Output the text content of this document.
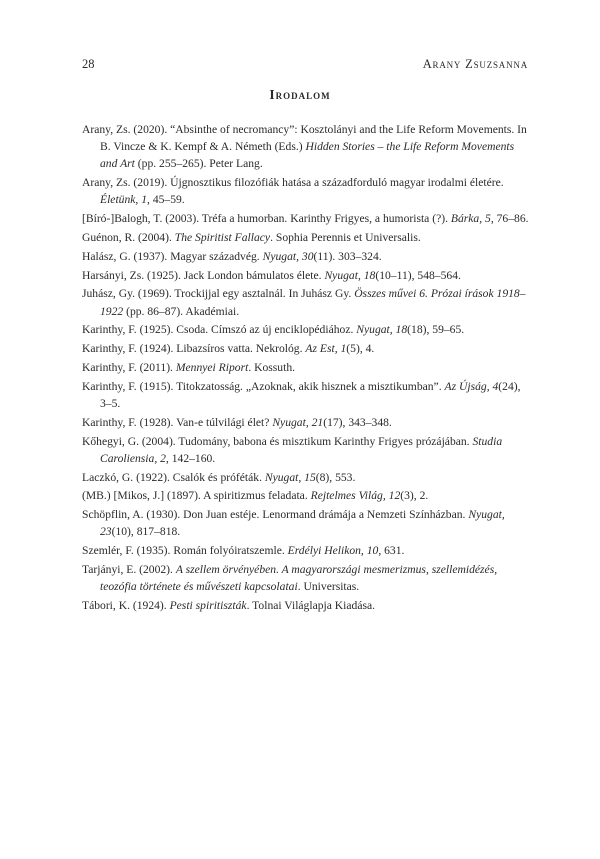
28	Arany Zsuzsanna
Irodalom
Arany, Zs. (2020). “Absinthe of necromancy”: Kosztolányi and the Life Reform Movements. In B. Vincze & K. Kempf & A. Németh (Eds.) Hidden Stories – the Life Reform Movements and Art (pp. 255–265). Peter Lang.
Arany, Zs. (2019). Újgnosztikus filozófiák hatása a századforduló magyar irodalmi életére. Életünk, 1, 45–59.
[Bíró-]Balogh, T. (2003). Tréfa a humorban. Karinthy Frigyes, a humorista (?). Bárka, 5, 76–86.
Guénon, R. (2004). The Spiritist Fallacy. Sophia Perennis et Universalis.
Halász, G. (1937). Magyar századvég. Nyugat, 30(11). 303–324.
Harsányi, Zs. (1925). Jack London bámulatos élete. Nyugat, 18(10–11), 548–564.
Juhász, Gy. (1969). Trockijjal egy asztalnál. In Juhász Gy. Összes művei 6. Prózai írások 1918–1922 (pp. 86–87). Akadémiai.
Karinthy, F. (1925). Csoda. Címszó az új enciklopédiához. Nyugat, 18(18), 59–65.
Karinthy, F. (1924). Libazsíros vatta. Nekrológ. Az Est, 1(5), 4.
Karinthy, F. (2011). Mennyei Riport. Kossuth.
Karinthy, F. (1915). Titokzatosság. „Azoknak, akik hisznek a misztikumban”. Az Újság, 4(24), 3–5.
Karinthy, F. (1928). Van-e túlvilági élet? Nyugat, 21(17), 343–348.
Kőhegyi, G. (2004). Tudomány, babona és misztikum Karinthy Frigyes prózájában. Studia Caroliensia, 2, 142–160.
Laczkó, G. (1922). Csalók és próféták. Nyugat, 15(8), 553.
(MB.) [Mikos, J.] (1897). A spiritizmus feladata. Rejtelmes Világ, 12(3), 2.
Schöpflin, A. (1930). Don Juan estéje. Lenormand drámája a Nemzeti Színházban. Nyugat, 23(10), 817–818.
Szemlér, F. (1935). Román folyóiratszemle. Erdélyi Helikon, 10, 631.
Tarjányi, E. (2002). A szellem örvényében. A magyarországi mesmerizmus, szellemidézés, teozófia története és művészeti kapcsolatai. Universitas.
Tábori, K. (1924). Pesti spiritiszták. Tolnai Világlapja Kiadása.
